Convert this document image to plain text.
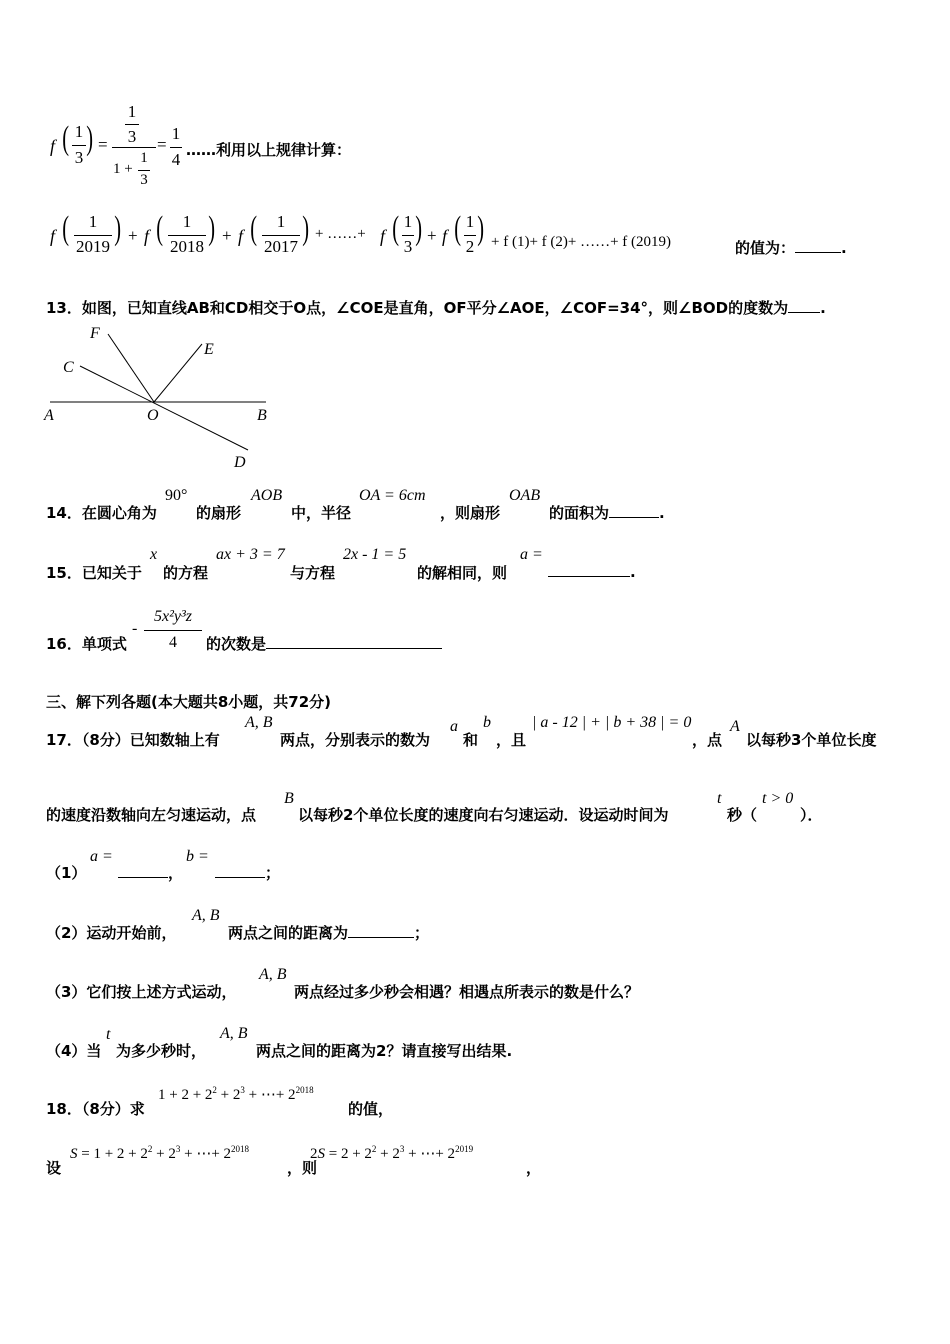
f ( 1
3
) =
1
3
1 +
1
3
=
1
4 ……利用以上规律计算：
f (	1
2019 ) + f (	1
2018 ) + f (	1
2017 ) + ……+ f ( 1
3 ) + f ( 1
2 ) + f (1)+ f (2)+ ……+ f (2019)	的值为：	.
13．如图，已知直线AB和CD相交于O点，∠COE是直角，OF平分∠AOE，∠COF=34°，则∠BOD的度数为 .
F
E
C
A	O	B
D
14．在圆心角为
90°
的扇形
AOB
中，半径
OA = 6cm
，则扇形
OAB
的面积为	.
15．已知关于
x
的方程
ax + 3 = 7
与方程
2x - 1 = 5
的解相同，则
a =
.
16．单项式
-
5x²y³z
4	的次数是
三、解下列各题(本大题共8小题，共72分)
17．（8分）已知数轴上有
A, B
两点，分别表示的数为
a
和
b
，且
| a - 12 | + | b + 38 | = 0
，点
A
以每秒3个单位长度
的速度沿数轴向左匀速运动，点
B
以每秒2个单位长度的速度向右匀速运动．设运动时间为
t
秒（
t > 0
）．
（1）
a =
，
b =
；
（2）运动开始前，
A, B
两点之间的距离为	；
（3）它们按上述方式运动，
A, B
两点经过多少秒会相遇？相遇点所表示的数是什么？
（4）当
t
为多少秒时，
A, B
两点之间的距离为2？请直接写出结果.
18．（8分）求
$1 + 2 + 2^2 + 2^3$ + ⋯+ $2^{2018}$
的值，
设
$S = 1 + 2 + 2^2 + 2^3$ + ⋯+ $2^{2018}$
，则
$2S = 2 + 2^2 + 2^3$ + ⋯+ $2^{2019}$
，
